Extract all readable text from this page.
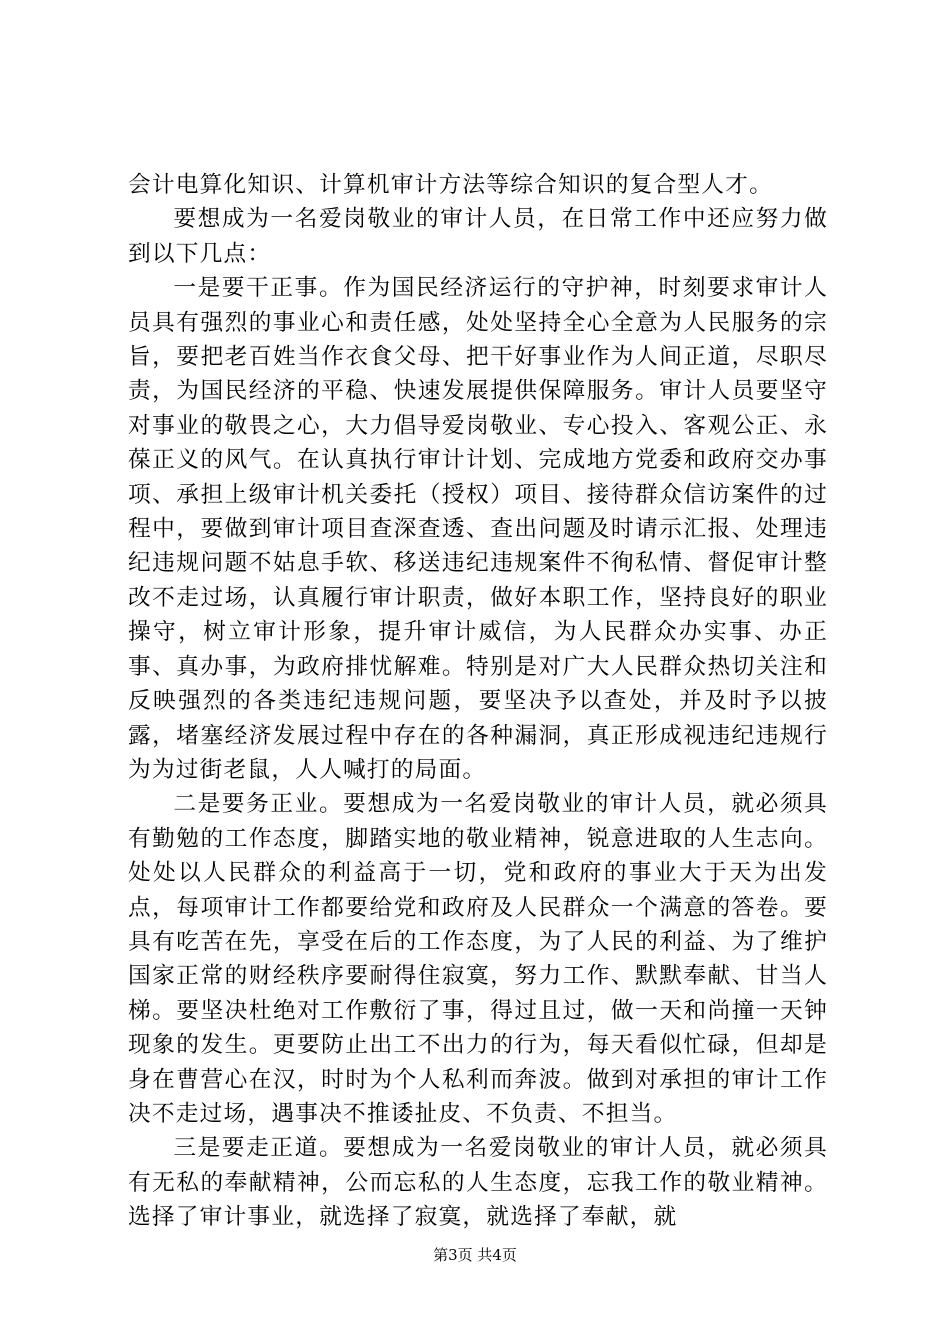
会计电算化知识、计算机审计方法等综合知识的复合型人才。

要想成为一名爱岗敬业的审计人员，在日常工作中还应努力做到以下几点：

一是要干正事。作为国民经济运行的守护神，时刻要求审计人员具有强烈的事业心和责任感，处处坚持全心全意为人民服务的宗旨，要把老百姓当作衣食父母、把干好事业作为人间正道，尽职尽责，为国民经济的平稳、快速发展提供保障服务。审计人员要坚守对事业的敬畏之心，大力倡导爱岗敬业、专心投入、客观公正、永葆正义的风气。在认真执行审计计划、完成地方党委和政府交办事项、承担上级审计机关委托（授权）项目、接待群众信访案件的过程中，要做到审计项目查深查透、查出问题及时请示汇报、处理违纪违规问题不姑息手软、移送违纪违规案件不徇私情、督促审计整改不走过场，认真履行审计职责，做好本职工作，坚持良好的职业操守，树立审计形象，提升审计威信，为人民群众办实事、办正事、真办事，为政府排忧解难。特别是对广大人民群众热切关注和反映强烈的各类违纪违规问题，要坚决予以查处，并及时予以披露，堵塞经济发展过程中存在的各种漏洞，真正形成视违纪违规行为为过街老鼠，人人喊打的局面。

二是要务正业。要想成为一名爱岗敬业的审计人员，就必须具有勤勉的工作态度，脚踏实地的敬业精神，锐意进取的人生志向。处处以人民群众的利益高于一切，党和政府的事业大于天为出发点，每项审计工作都要给党和政府及人民群众一个满意的答卷。要具有吃苦在先，享受在后的工作态度，为了人民的利益、为了维护国家正常的财经秩序要耐得住寂寞，努力工作、默默奉献、甘当人梯。要坚决杜绝对工作敷衍了事，得过且过，做一天和尚撞一天钟现象的发生。更要防止出工不出力的行为，每天看似忙碌，但却是身在曹营心在汉，时时为个人私利而奔波。做到对承担的审计工作决不走过场，遇事决不推诿扯皮、不负责、不担当。

三是要走正道。要想成为一名爱岗敬业的审计人员，就必须具有无私的奉献精神，公而忘私的人生态度，忘我工作的敬业精神。选择了审计事业，就选择了寂寞，就选择了奉献，就

第3页 共4页
